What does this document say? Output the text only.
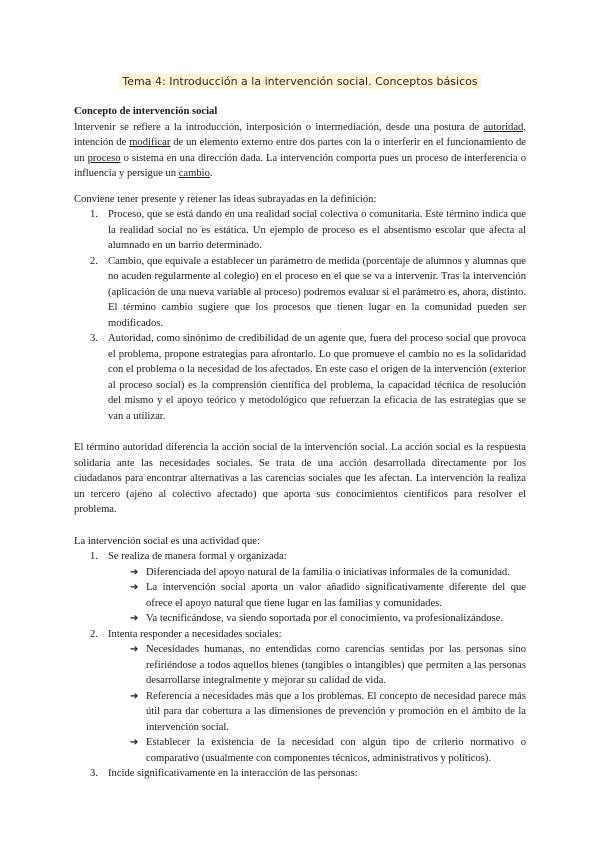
Tema 4: Introducción a la intervención social. Conceptos básicos

Concepto de intervención social

Intervenir se refiere a la introducción, interposición o intermediación, desde una postura de autoridad, intención de modificar de un elemento externo entre dos partes con la o interferir en el funcionamiento de un proceso o sistema en una dirección dada. La intervención comporta pues un proceso de interferencia o influencia y persigue un cambio.

Conviene tener presente y retener las ideas subrayadas en la definición:

1. Proceso, que se está dando en una realidad social colectiva o comunitaria. Este término indica que la realidad social no es estática. Un ejemplo de proceso es el absentismo escolar que afecta al alumnado en un barrio determinado.
2. Cambio, que equivale a establecer un parámetro de medida (porcentaje de alumnos y alumnas que no acuden regularmente al colegio) en el proceso en el que se va a intervenir. Tras la intervención (aplicación de una nueva variable al proceso) podremos evaluar si el parámetro es, ahora, distinto. El término cambio sugiere que los procesos que tienen lugar en la comunidad pueden ser modificados.
3. Autoridad, como sinónimo de credibilidad de un agente que, fuera del proceso social que provoca el problema, propone estrategias para afrontarlo. Lo que promueve el cambio no es la solidaridad con el problema o la necesidad de los afectados. En este caso el origen de la intervención (exterior al proceso social) es la comprensión científica del problema, la capacidad técnica de resolución del mismo y el apoyo teórico y metodológico que refuerzan la eficacia de las estrategias que se van a utilizar.

El término autoridad diferencia la acción social de la intervención social. La acción social es la respuesta solidaria ante las necesidades sociales. Se trata de una acción desarrollada directamente por los ciudadanos para encontrar alternativas a las carencias sociales que les afectan. La intervención la realiza un tercero (ajeno al colectivo afectado) que aporta sus conocimientos científicos para resolver el problema.

La intervención social es una actividad que:

1. Se realiza de manera formal y organizada:
➔ Diferenciada del apoyo natural de la familia o iniciativas informales de la comunidad.
➔ La intervención social aporta un valor añadido significativamente diferente del que ofrece el apoyo natural que tiene lugar en las familias y comunidades.
➔ Va tecnificándose, va siendo soportada por el conocimiento, va profesionalizándose.
2. Intenta responder a necesidades sociales:
➔ Necesidades humanas, no entendidas como carencias sentidas por las personas sino refiriéndose a todos aquellos bienes (tangibles o intangibles) que permiten a las personas desarrollarse integralmente y mejorar su calidad de vida.
➔ Referencia a necesidades más que a los problemas. El concepto de necesidad parece más útil para dar cobertura a las dimensiones de prevención y promoción en el ámbito de la intervención social.
➔ Establecer la existencia de la necesidad con algún tipo de criterio normativo o comparativo (usualmente con componentes técnicos, administrativos y políticos).
3. Incide significativamente en la interacción de las personas:
